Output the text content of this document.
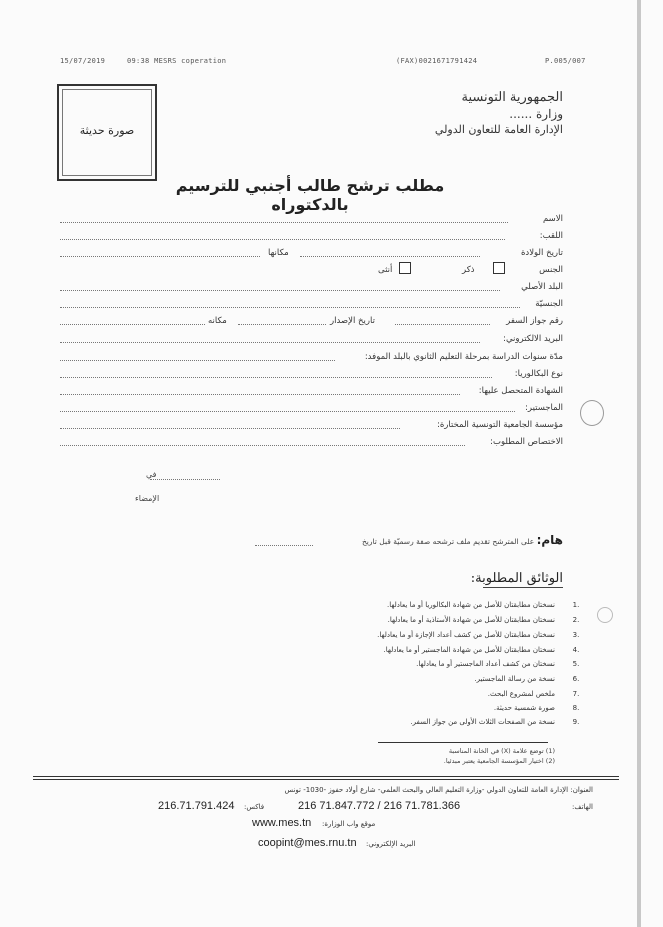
15/07/2019	09:38 MESRS coperation	(FAX)0021671791424	P.005/007
صورة حديثة
الجمهورية التونسية
وزارة ......
الإدارة العامة للتعاون الدولي
مطلب ترشح طالب أجنبي للترسيم بالدكتوراه
الاسم
اللقب:
تاريخ الولادة
مكانها
الجنس
ذكر
أنثى
البلد الأصلي
الجنسيّة
رقم جواز السفر
تاريخ الإصدار
مكانه
البريد الالكتروني:
مدّة سنوات الدراسة بمرحلة التعليم الثانوي بالبلد الموفد:
نوع البكالوريا:
الشهادة المتحصل عليها:
الماجستير:
مؤسسة الجامعية التونسية المختارة:
الاختصاص المطلوب:
في
الإمضاء
هام: على المترشح تقديم ملف ترشحه صفة رسميّة قبل تاريخ
الوثائق المطلوبة:
1.
نسختان مطابقتان للأصل من شهادة البكالوريا أو ما يعادلها.
2.
نسختان مطابقتان للأصل من شهادة الأستاذية أو ما يعادلها.
3.
نسختان مطابقتان للأصل من كشف أعداد الإجازة أو ما يعادلها.
4.
نسختان مطابقتان للأصل من شهادة الماجستير أو ما يعادلها.
5.
نسختان من كشف أعداد الماجستير أو ما يعادلها.
6.
نسخة من رسالة الماجستير.
7.
ملخص لمشروع البحث.
8.
صورة شمسية حديثة.
9.
نسخة من الصفحات الثلاث الأولى من جواز السفر.
(1) توضع علامة (X) في الخانة المناسبة
(2) اختيار المؤسسة الجامعية يعتبر مبدئيا.
العنوان: الإدارة العامة للتعاون الدولي -وزارة التعليم العالي والبحث العلمي- شارع أولاد حفوز -1030- تونس
الهاتف:
216 71.847.772 / 216 71.781.366
فاكس:
216.71.791.424
موقع واب الوزارة:
www.mes.tn
البريد الإلكتروني:
coopint@mes.rnu.tn
